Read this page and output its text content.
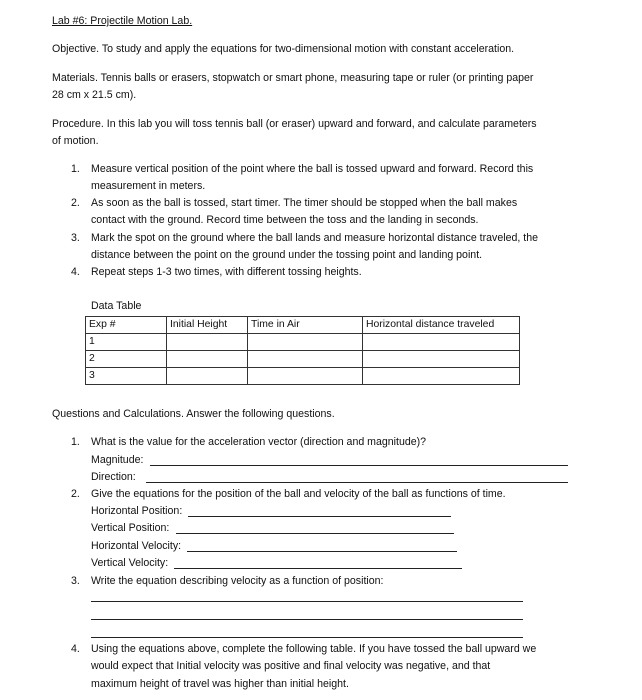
Lab #6: Projectile Motion Lab.
Objective. To study and apply the equations for two-dimensional motion with constant acceleration.
Materials. Tennis balls or erasers, stopwatch or smart phone, measuring tape or ruler (or printing paper
28 cm x 21.5 cm).
Procedure. In this lab you will toss tennis ball (or eraser) upward and forward, and calculate parameters
of motion.
1. Measure vertical position of the point where the ball is tossed upward and forward. Record this
measurement in meters.
2. As soon as the ball is tossed, start timer. The timer should be stopped when the ball makes
contact with the ground. Record time between the toss and the landing in seconds.
3. Mark the spot on the ground where the ball lands and measure horizontal distance traveled, the
distance between the point on the ground under the tossing point and landing point.
4. Repeat steps 1-3 two times, with different tossing heights.
Data Table
Exp #	Initial Height	Time in Air	Horizontal distance traveled
1			
2			
3			
Questions and Calculations. Answer the following questions.
1. What is the value for the acceleration vector (direction and magnitude)?
Magnitude:
Direction:
2. Give the equations for the position of the ball and velocity of the ball as functions of time.
Horizontal Position:
Vertical Position:
Horizontal Velocity:
Vertical Velocity:
3. Write the equation describing velocity as a function of position:
4. Using the equations above, complete the following table. If you have tossed the ball upward we
would expect that Initial velocity was positive and final velocity was negative, and that
maximum height of travel was higher than initial height.
